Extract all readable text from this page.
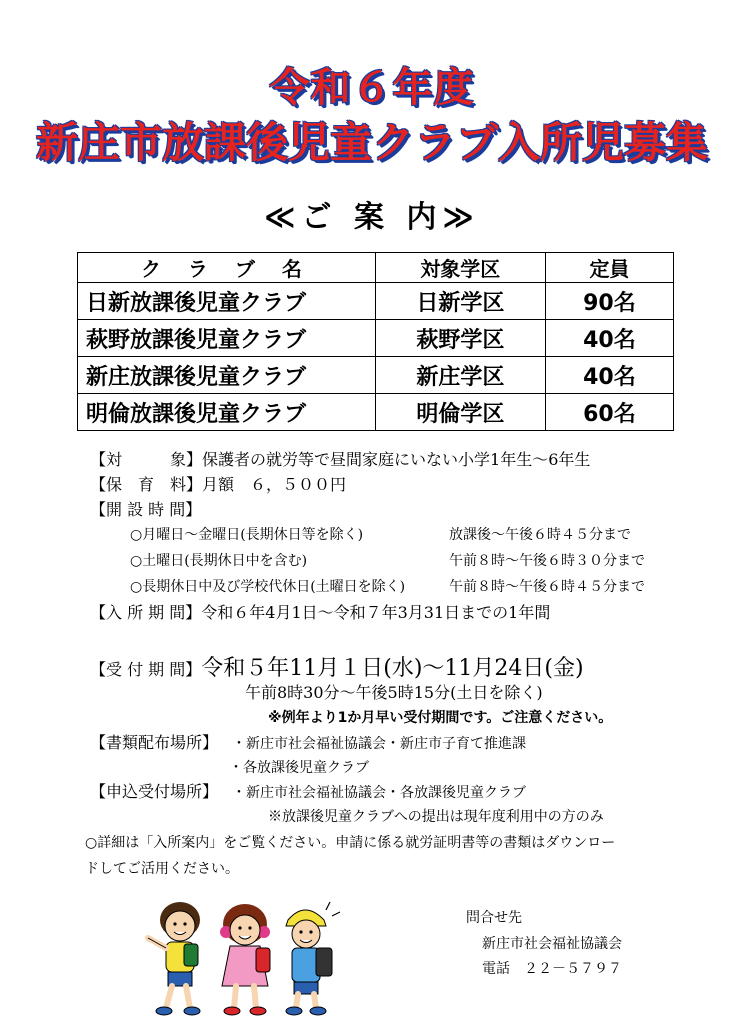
令和６年度
新庄市放課後児童クラブ入所児募集
≪ご 案 内≫
ク ラ ブ 名	対象学区	定員
日新放課後児童クラブ	日新学区	90名
萩野放課後児童クラブ	萩野学区	40名
新庄放課後児童クラブ	新庄学区	40名
明倫放課後児童クラブ	明倫学区	60名
【対　　　象】保護者の就労等で昼間家庭にいない小学1年生～6年生
【保　育　料】月額　６，５００円
【開 設 時 間】
○月曜日～金曜日(長期休日等を除く)	放課後～午後６時４５分まで
○土曜日(長期休日中を含む)	午前８時～午後６時３０分まで
○長期休日中及び学校代休日(土曜日を除く)	午前８時～午後６時４５分まで
【入 所 期 間】令和６年4月1日～令和７年3月31日までの1年間
【受 付 期 間】令和５年11月１日(水)～11月24日(金)
午前8時30分～午後5時15分(土日を除く)
※例年より1か月早い受付期間です。ご注意ください。
【書類配布場所】 ・新庄市社会福祉協議会・新庄市子育て推進課
・各放課後児童クラブ
【申込受付場所】 ・新庄市社会福祉協議会・各放課後児童クラブ
※放課後児童クラブへの提出は現年度利用中の方のみ
○詳細は「入所案内」をご覧ください。申請に係る就労証明書等の書類はダウンロー
ドしてご活用ください。
問合せ先
新庄市社会福祉協議会
電話　２２－５７９７
